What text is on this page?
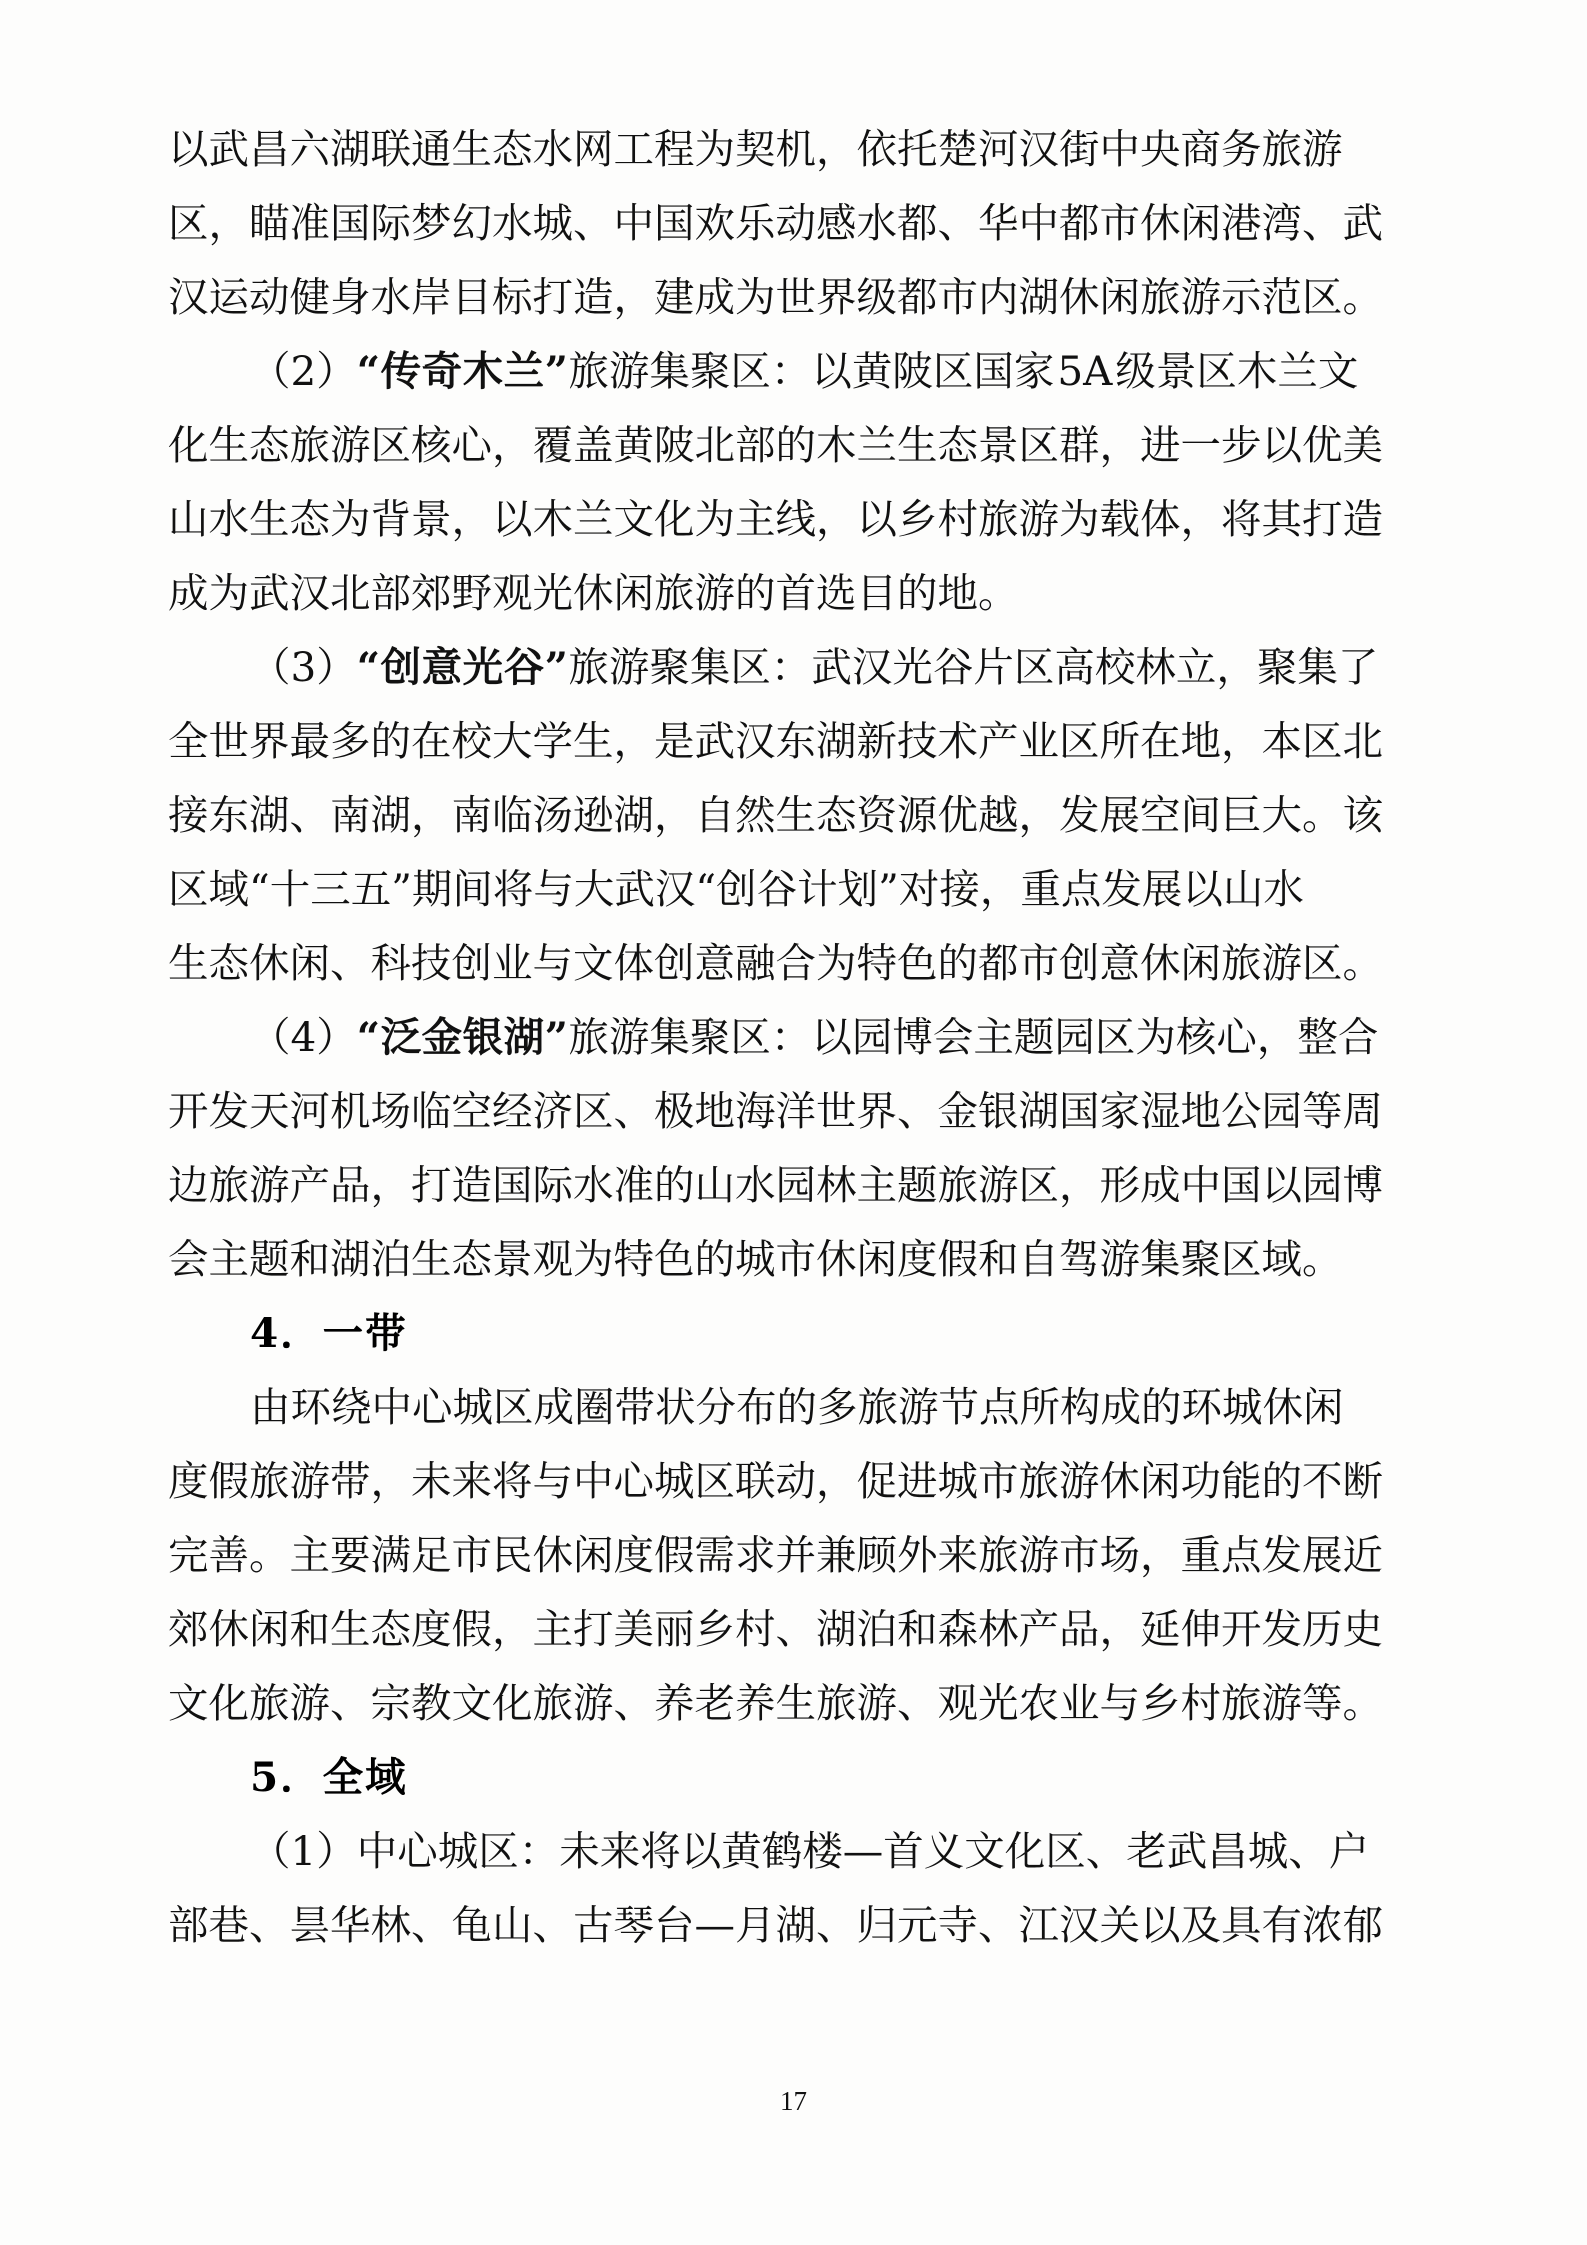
以武昌六湖联通生态水网工程为契机，依托楚河汉街中央商务旅游
区，瞄准国际梦幻水城、中国欢乐动感水都、华中都市休闲港湾、武
汉运动健身水岸目标打造，建成为世界级都市内湖休闲旅游示范区。
（2）“传奇木兰”旅游集聚区：以黄陂区国家5A级景区木兰文
化生态旅游区核心，覆盖黄陂北部的木兰生态景区群，进一步以优美
山水生态为背景，以木兰文化为主线，以乡村旅游为载体，将其打造
成为武汉北部郊野观光休闲旅游的首选目的地。
（3）“创意光谷”旅游聚集区：武汉光谷片区高校林立，聚集了
全世界最多的在校大学生，是武汉东湖新技术产业区所在地，本区北
接东湖、南湖，南临汤逊湖，自然生态资源优越，发展空间巨大。该
区域“十三五”期间将与大武汉“创谷计划”对接，重点发展以山水
生态休闲、科技创业与文体创意融合为特色的都市创意休闲旅游区。
（4）“泛金银湖”旅游集聚区：以园博会主题园区为核心，整合
开发天河机场临空经济区、极地海洋世界、金银湖国家湿地公园等周
边旅游产品，打造国际水准的山水园林主题旅游区，形成中国以园博
会主题和湖泊生态景观为特色的城市休闲度假和自驾游集聚区域。
4．一带
由环绕中心城区成圈带状分布的多旅游节点所构成的环城休闲
度假旅游带，未来将与中心城区联动，促进城市旅游休闲功能的不断
完善。主要满足市民休闲度假需求并兼顾外来旅游市场，重点发展近
郊休闲和生态度假，主打美丽乡村、湖泊和森林产品，延伸开发历史
文化旅游、宗教文化旅游、养老养生旅游、观光农业与乡村旅游等。
5．全域
（1）中心城区：未来将以黄鹤楼—首义文化区、老武昌城、户
部巷、昙华林、龟山、古琴台—月湖、归元寺、江汉关以及具有浓郁
17
